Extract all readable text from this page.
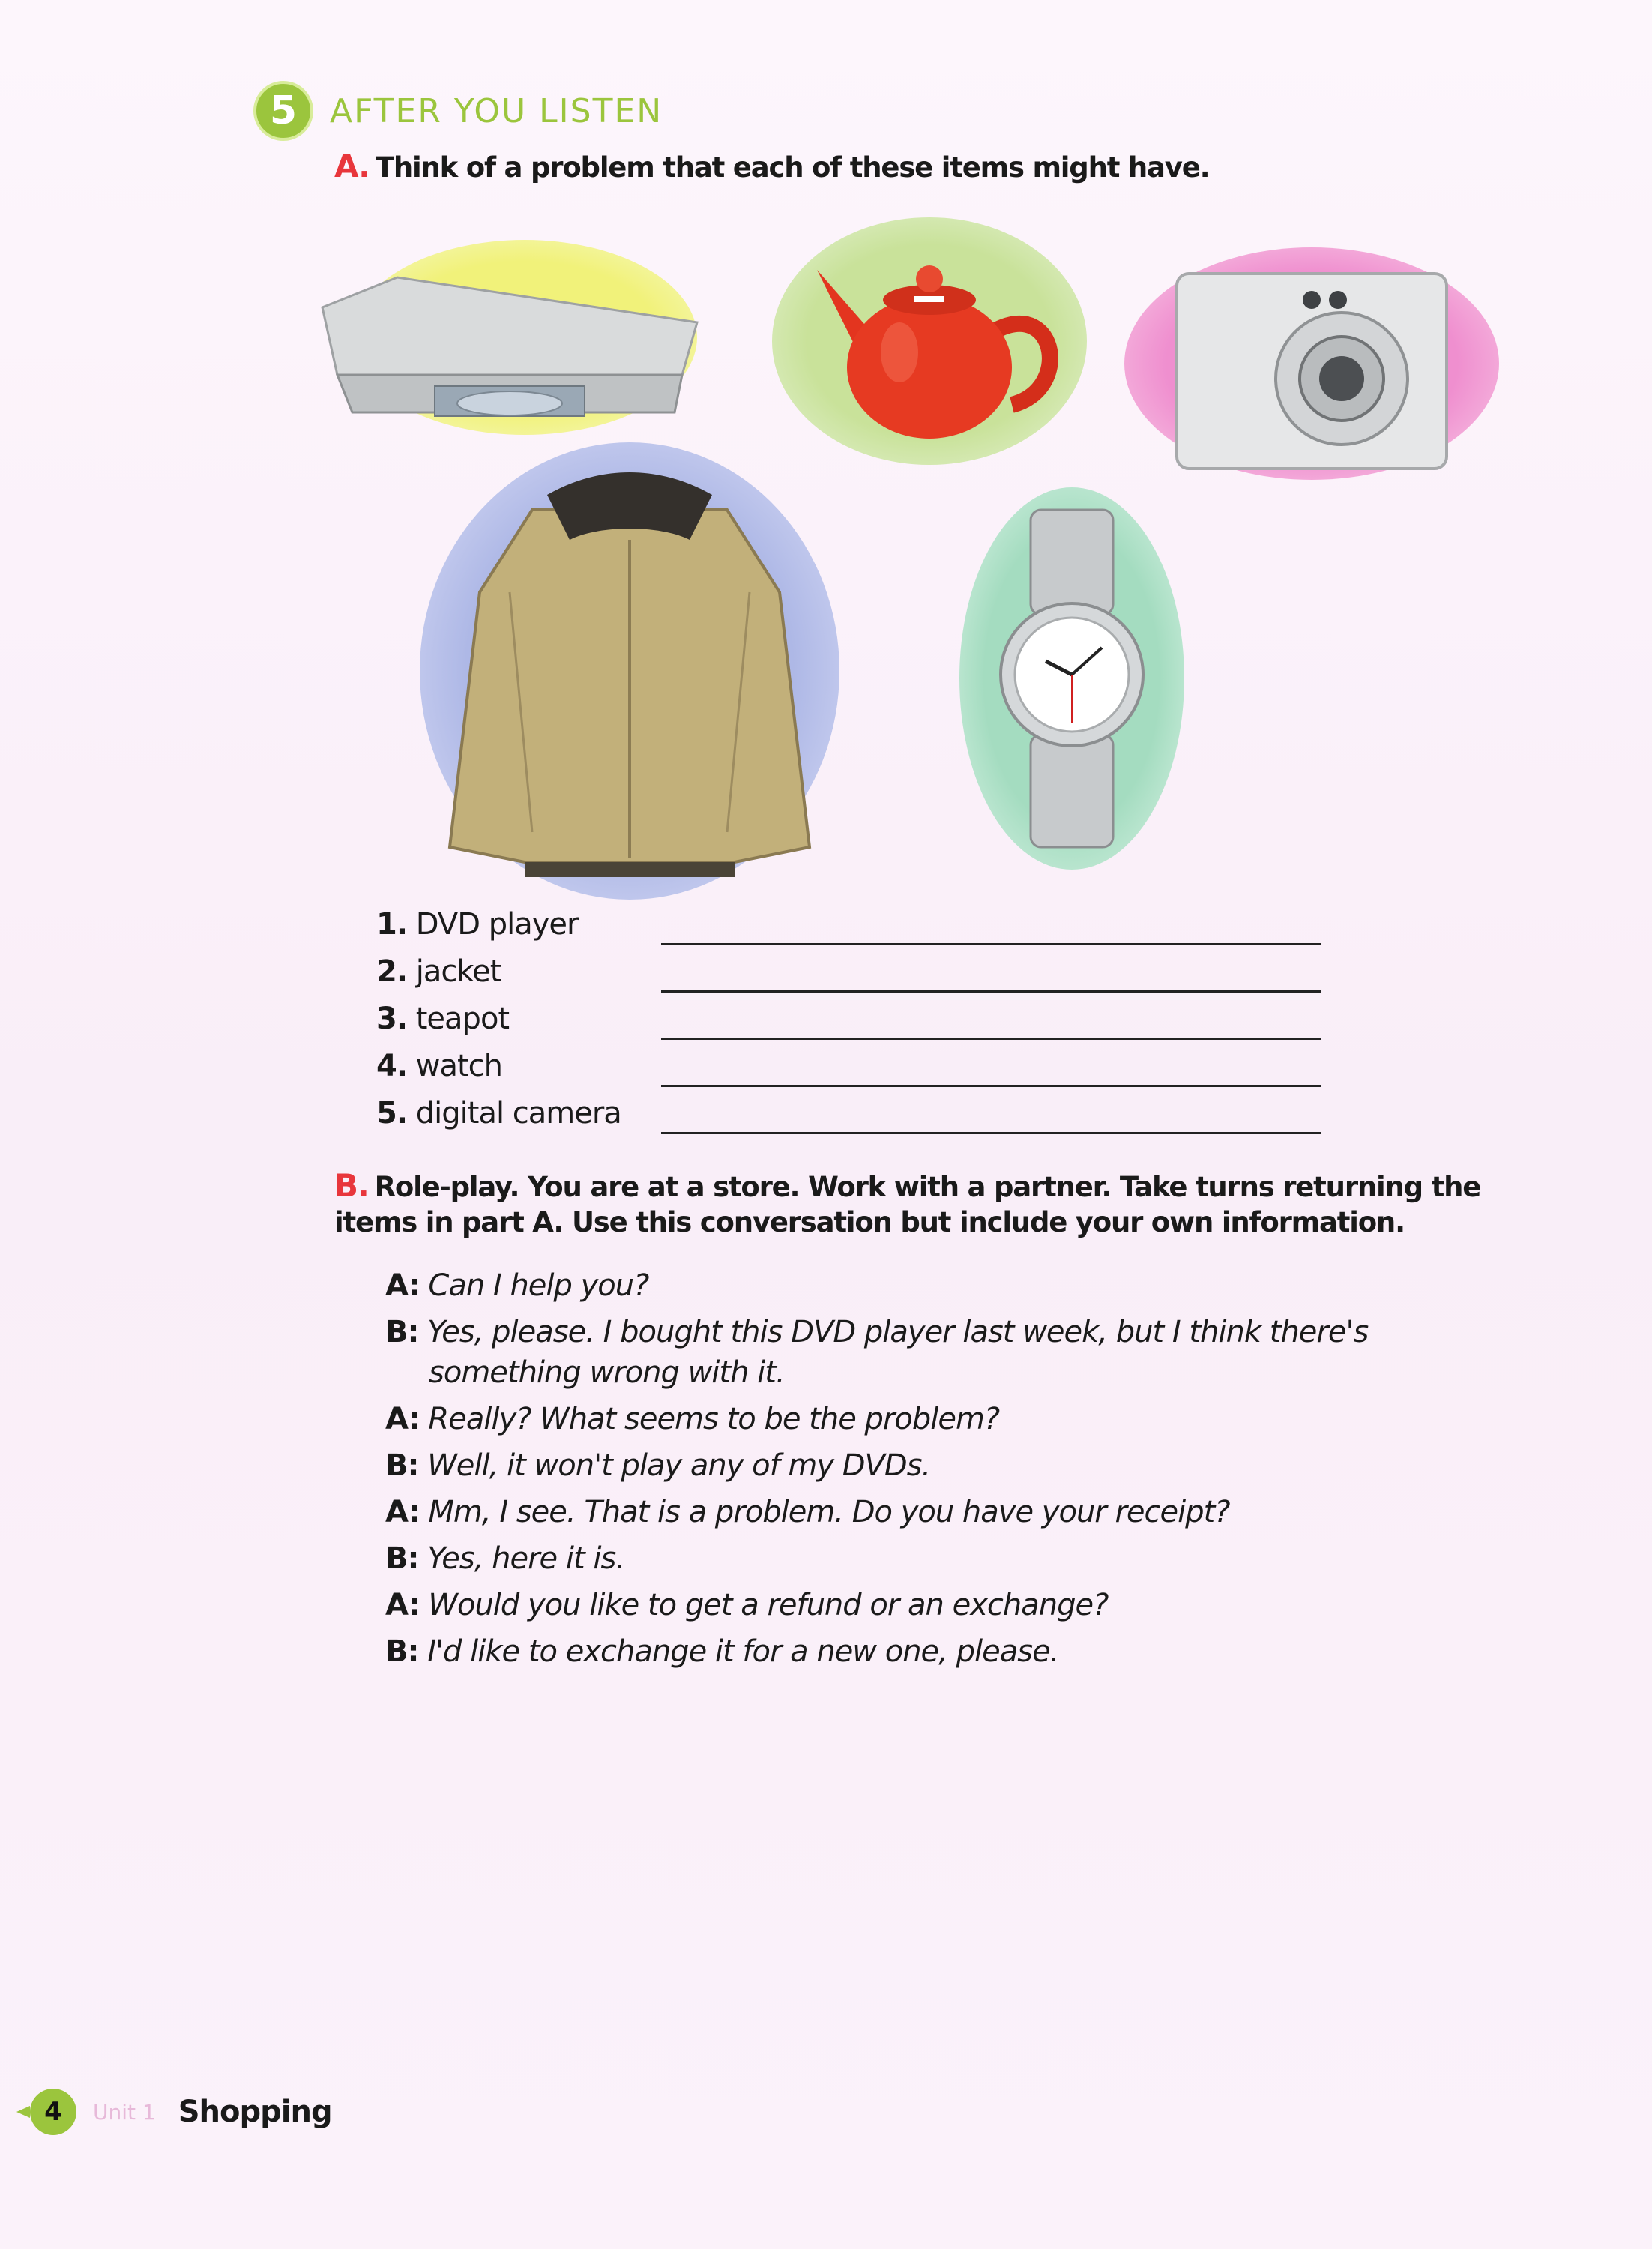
5 AFTER YOU LISTEN
A. Think of a problem that each of these items might have.
1. DVD player
2. jacket
3. teapot
4. watch
5. digital camera
B. Role-play. You are at a store. Work with a partner. Take turns returning the items in part A. Use this conversation but include your own information.
A: Can I help you?
B: Yes, please. I bought this DVD player last week, but I think there's something wrong with it.
A: Really? What seems to be the problem?
B: Well, it won't play any of my DVDs.
A: Mm, I see. That is a problem. Do you have your receipt?
B: Yes, here it is.
A: Would you like to get a refund or an exchange?
B: I'd like to exchange it for a new one, please.
4	Unit 1 Shopping
